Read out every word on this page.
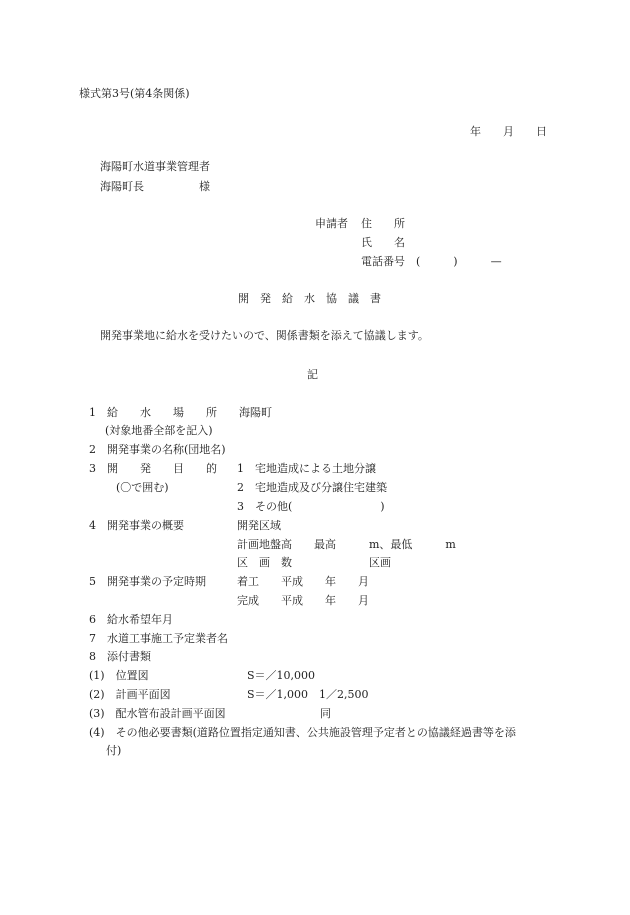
様式第3号(第4条関係)
年　　月　　日
海陽町水道事業管理者
海陽町長　　　　　様
申請者 住　　所
氏　　名
電話番号　(　　　)　　　—
開　発　給　水　協　議　書
開発事業地に給水を受けたいので、関係書類を添えて協議します。
記
1　給　　水　　場　　所　　海陽町
(対象地番全部を記入)
2　開発事業の名称(団地名)
3　開　　発　　目　　的 1　宅地造成による土地分譲
(〇で囲む)	2　宅地造成及び分譲住宅建築
3　その他(　　　　　　　　)
4　開発事業の概要	開発区域
計画地盤高　　最高　　　m、最低　　　m
区　画　数　　　　　　　区画
5　開発事業の予定時期	着工　　平成　　年　　月
完成　　平成　　年　　月
6　給水希望年月
7　水道工事施工予定業者名
8　添付書類
(1)　位置図	S＝／10,000
(2)　計画平面図	S＝／1,000　1／2,500
(3)　配水管布設計画平面図	同
(4)　その他必要書類(道路位置指定通知書、公共施設管理予定者との協議経過書等を添
付)
